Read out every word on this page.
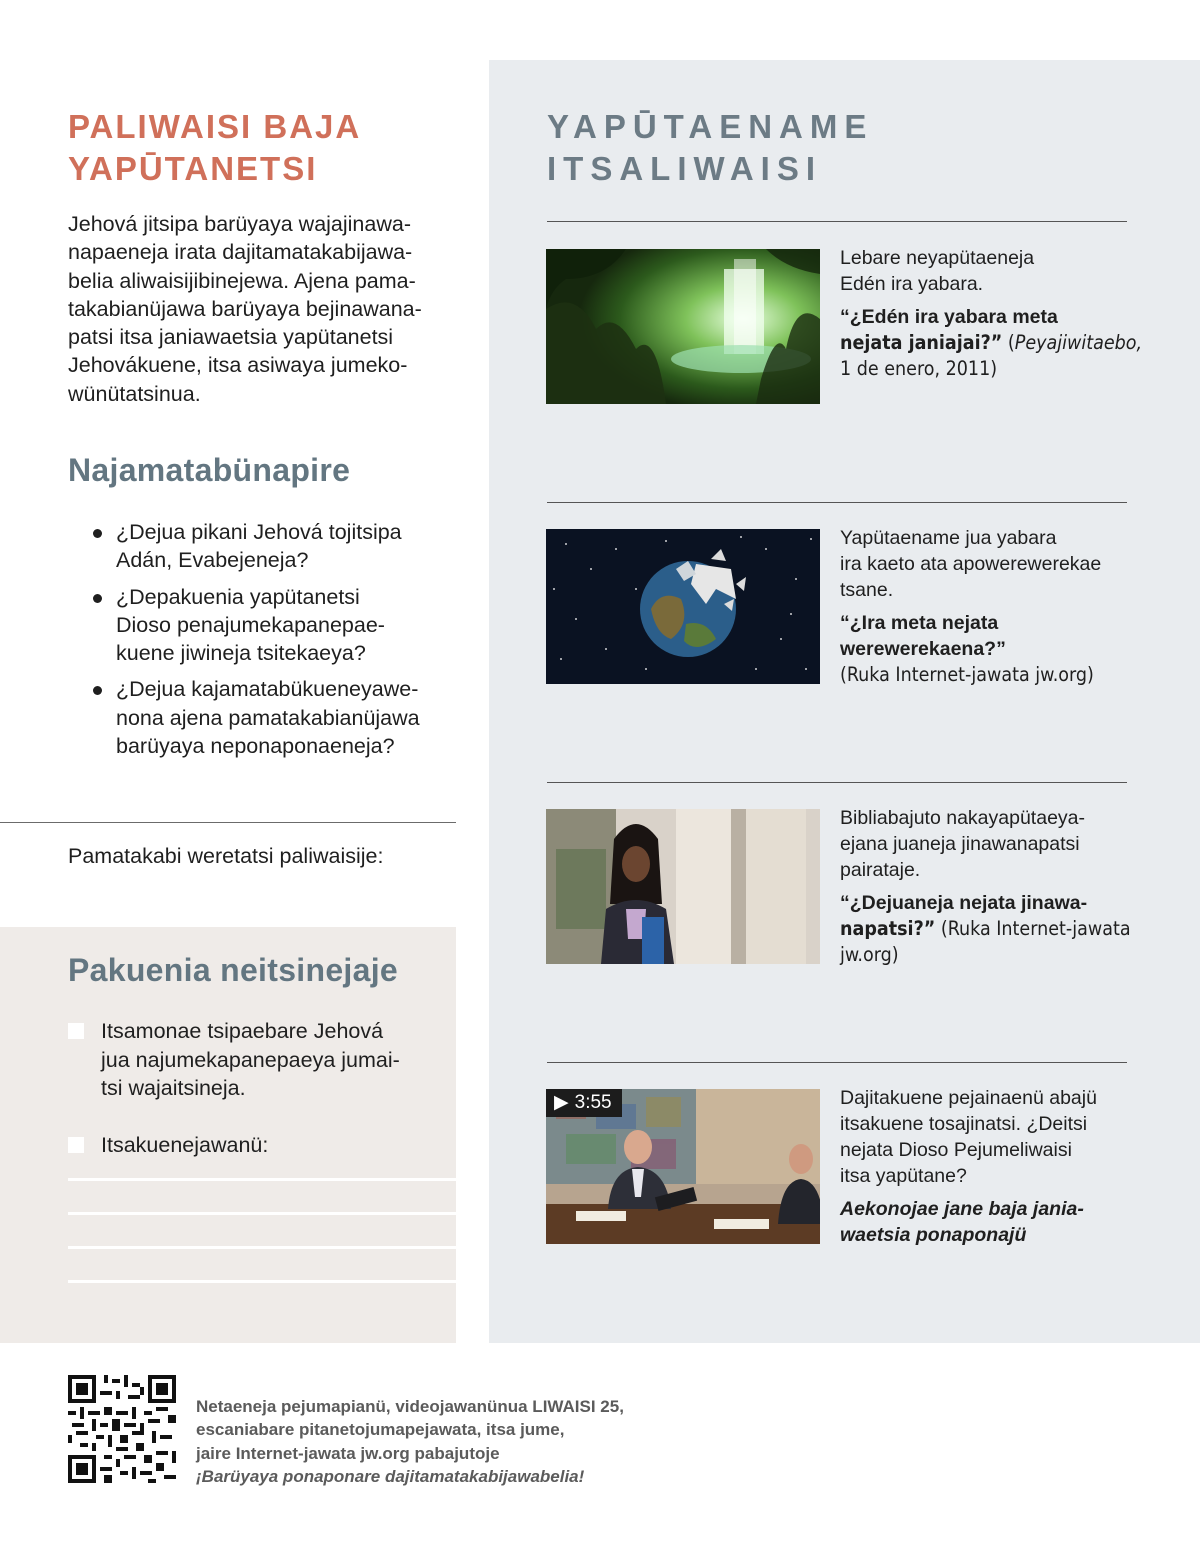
PALIWAISI BAJA
YAPŪTANETSI
Jehová jitsipa barüyaya wajajinawa-
napaeneja irata dajitamatakabijawa-
belia aliwaisijibinejewa. Ajena pama-
takabianüjawa barüyaya bejinawana-
patsi itsa janiawaetsia yapütanetsi
Jehovákuene, itsa asiwaya jumeko-
wünütatsinua.
Najamatabünapire
¿Dejua pikani Jehová tojitsipa
Adán, Evabejeneja?
¿Depakuenia yapütanetsi
Dioso penajumekapanepae-
kuene jiwineja tsitekaeya?
¿Dejua kajamatabükueneyawe-
nona ajena pamatakabianüjawa
barüyaya neponaponaeneja?
Pamatakabi weretatsi paliwaisije:
Pakuenia neitsinejaje
Itsamonae tsipaebare Jehová
jua najumekapanepaeya jumai-
tsi wajaitsineja.
Itsakuenejawanü:
YAPŪTAENAME
ITSALIWAISI
Lebare neyapütaeneja
Edén ira yabara.
“¿Edén ira yabara meta
nejata janiajai?” (Peyajiwitaebo,
1 de enero, 2011)
Yapütaename jua yabara
ira kaeto ata apowerewerekae
tsane.
“¿Ira meta nejata
werewerekaena?”
(Ruka Internet-jawata jw.org)
Bibliabajuto nakayapütaeya-
ejana juaneja jinawanapatsi
pairataje.
“¿Dejuaneja nejata jinawa-
napatsi?” (Ruka Internet-jawata
jw.org)
▶ 3:55	Dajitakuene pejainaenü abajü
itsakuene tosajinatsi. ¿Deitsi
nejata Dioso Pejumeliwaisi
itsa yapütane?
Aekonojae jane baja jania-
waetsia ponaponajü
Netaeneja pejumapianü, videojawanünua LIWAISI 25,
escaniabare pitanetojumapejawata, itsa jume,
jaire Internet-jawata jw.org pabajutoje
¡Barüyaya ponaponare dajitamatakabijawabelia!
